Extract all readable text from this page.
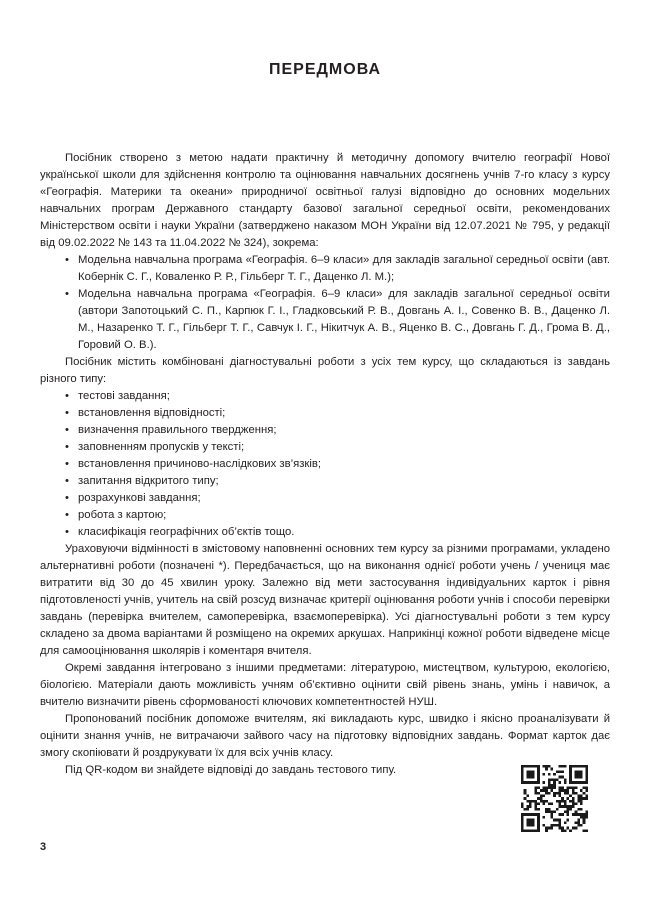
ПЕРЕДМОВА

Посібник створено з метою надати практичну й методичну допомогу вчителю географії Нової української школи для здійснення контролю та оцінювання навчальних досягнень учнів 7-го класу з курсу «Географія. Материки та океани» природничої освітньої галузі відповідно до основних модельних навчальних програм Державного стандарту базової загальної середньої освіти, рекомендованих Міністерством освіти і науки України (затверджено наказом МОН України від 12.07.2021 № 795, у редакції від 09.02.2022 № 143 та 11.04.2022 № 324), зокрема:

• Модельна навчальна програма «Географія. 6–9 класи» для закладів загальної середньої освіти (авт. Кобернік С. Г., Коваленко Р. Р., Гільберг Т. Г., Даценко Л. М.);
• Модельна навчальна програма «Географія. 6–9 класи» для закладів загальної середньої освіти (автори Запотоцький С. П., Карпюк Г. І., Гладковський Р. В., Довгань А. І., Совенко В. В., Даценко Л. М., Назаренко Т. Г., Гільберг Т. Г., Савчук І. Г., Нікитчук А. В., Яценко В. С., Довгань Г. Д., Грома В. Д., Горовий О. В.).

Посібник містить комбіновані діагностувальні роботи з усіх тем курсу, що складаються із завдань різного типу:

• тестові завдання;
• встановлення відповідності;
• визначення правильного твердження;
• заповненням пропусків у тексті;
• встановлення причиново-наслідкових зв’язків;
• запитання відкритого типу;
• розрахункові завдання;
• робота з картою;
• класифікація географічних об’єктів тощо.

Ураховуючи відмінності в змістовому наповненні основних тем курсу за різними програмами, укладено альтернативні роботи (позначені *). Передбачається, що на виконання однієї роботи учень / учениця має витратити від 30 до 45 хвилин уроку. Залежно від мети застосування індивідуальних карток і рівня підготовленості учнів, учитель на свій розсуд визначає критерії оцінювання роботи учнів і способи перевірки завдань (перевірка вчителем, самоперевірка, взаємоперевірка). Усі діагностувальні роботи з тем курсу складено за двома варіантами й розміщено на окремих аркушах. Наприкінці кожної роботи відведене місце для самооцінювання школярів і коментаря вчителя.

Окремі завдання інтегровано з іншими предметами: літературою, мистецтвом, культурою, екологією, біологією. Матеріали дають можливість учням об’єктивно оцінити свій рівень знань, умінь і навичок, а вчителю визначити рівень сформованості ключових компетентностей НУШ.

Пропонований посібник допоможе вчителям, які викладають курс, швидко і якісно проаналізувати й оцінити знання учнів, не витрачаючи зайвого часу на підготовку відповідних завдань. Формат карток дає змогу скопіювати й роздрукувати їх для всіх учнів класу.

Під QR-кодом ви знайдете відповіді до завдань тестового типу.

3
